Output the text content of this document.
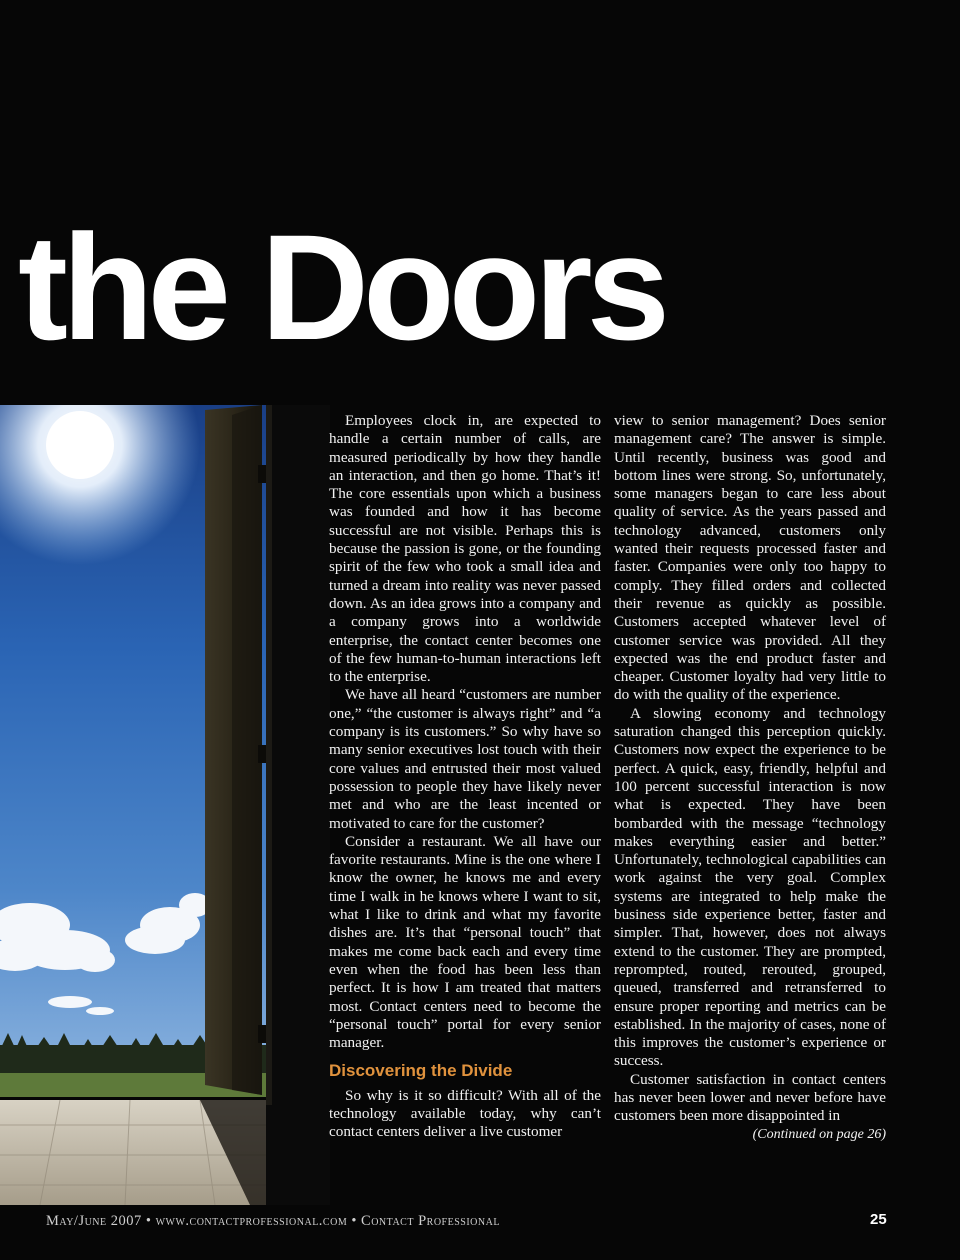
the Doors

Employees clock in, are expected to handle a certain number of calls, are measured periodically by how they handle an interaction, and then go home. That’s it! The core essentials upon which a business was founded and how it has become successful are not visible. Perhaps this is because the passion is gone, or the founding spirit of the few who took a small idea and turned a dream into reality was never passed down. As an idea grows into a company and a company grows into a worldwide enterprise, the contact center becomes one of the few human-to-human interactions left to the enterprise.

We have all heard “customers are number one,” “the customer is always right” and “a company is its customers.” So why have so many senior executives lost touch with their core values and entrusted their most valued possession to people they have likely never met and who are the least incented or motivated to care for the customer?

Consider a restaurant. We all have our favorite restaurants. Mine is the one where I know the owner, he knows me and every time I walk in he knows where I want to sit, what I like to drink and what my favorite dishes are. It’s that “personal touch” that makes me come back each and every time even when the food has been less than perfect. It is how I am treated that matters most. Contact centers need to become the “personal touch” portal for every senior manager.

Discovering the Divide

So why is it so difficult? With all of the technology available today, why can’t contact centers deliver a live customer

view to senior management? Does senior management care? The answer is simple. Until recently, business was good and bottom lines were strong. So, unfortunately, some managers began to care less about quality of service. As the years passed and technology advanced, customers only wanted their requests processed faster and faster. Companies were only too happy to comply. They filled orders and collected their revenue as quickly as possible. Customers accepted whatever level of customer service was provided. All they expected was the end product faster and cheaper. Customer loyalty had very little to do with the quality of the experience.

A slowing economy and technology saturation changed this perception quickly. Customers now expect the experience to be perfect. A quick, easy, friendly, helpful and 100 percent successful interaction is now what is expected. They have been bombarded with the message “technology makes everything easier and better.” Unfortunately, technological capabilities can work against the very goal. Complex systems are integrated to help make the business side experience better, faster and simpler. That, however, does not always extend to the customer. They are prompted, reprompted, routed, rerouted, grouped, queued, transferred and retransferred to ensure proper reporting and metrics can be established. In the majority of cases, none of this improves the customer’s experience or success.

Customer satisfaction in contact centers has never been lower and never before have customers been more disappointed in
(Continued on page 26)

May/June 2007 • www.contactprofessional.com • Contact Professional	25
